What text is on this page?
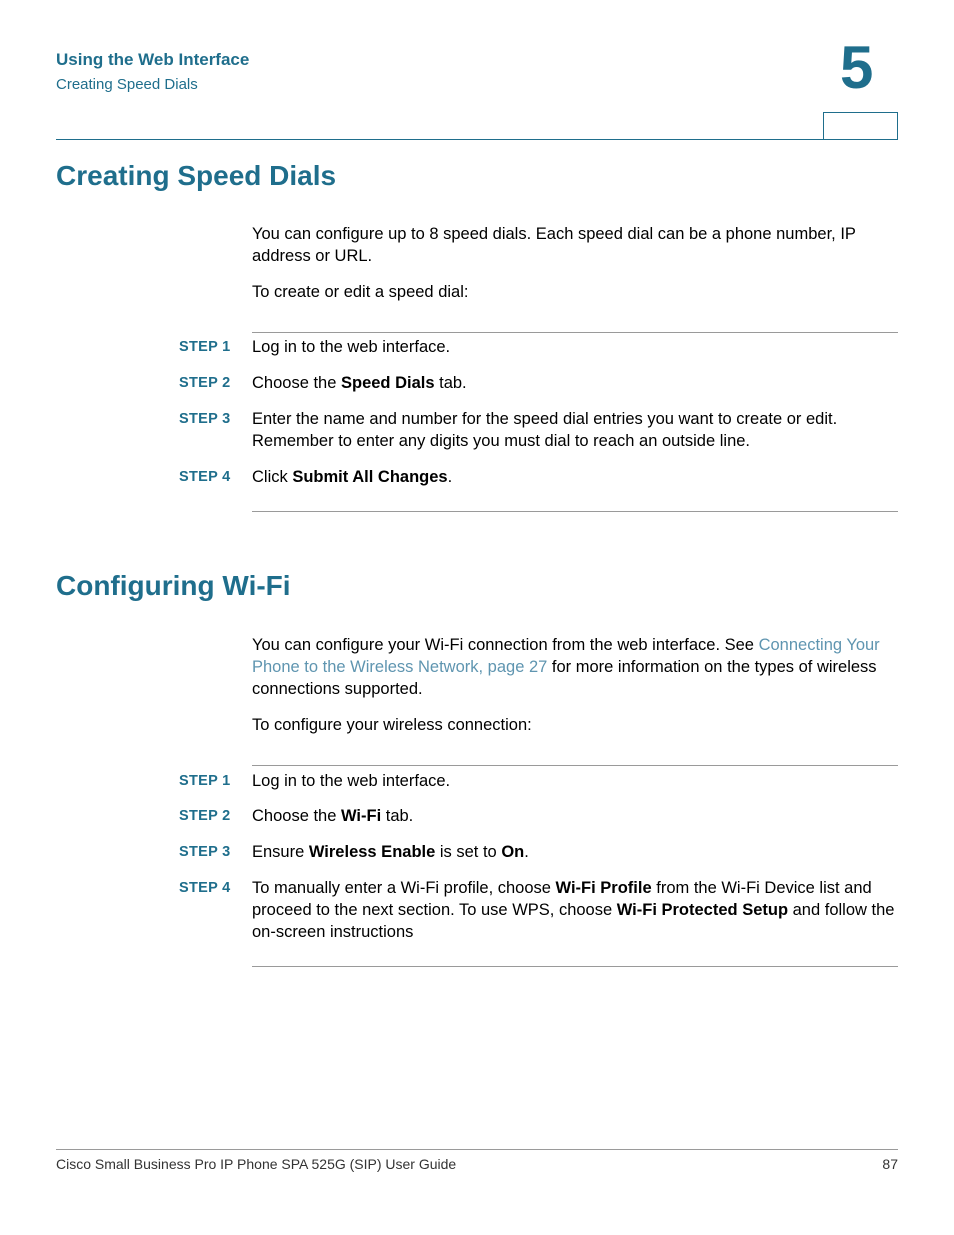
Using the Web Interface
Creating Speed Dials	5
Creating Speed Dials
You can configure up to 8 speed dials. Each speed dial can be a phone number, IP address or URL.
To create or edit a speed dial:
STEP 1 Log in to the web interface.
STEP 2 Choose the Speed Dials tab.
STEP 3 Enter the name and number for the speed dial entries you want to create or edit. Remember to enter any digits you must dial to reach an outside line.
STEP 4 Click Submit All Changes.
Configuring Wi-Fi
You can configure your Wi-Fi connection from the web interface. See Connecting Your Phone to the Wireless Network, page 27 for more information on the types of wireless connections supported.
To configure your wireless connection:
STEP 1 Log in to the web interface.
STEP 2 Choose the Wi-Fi tab.
STEP 3 Ensure Wireless Enable is set to On.
STEP 4 To manually enter a Wi-Fi profile, choose Wi-Fi Profile from the Wi-Fi Device list and proceed to the next section. To use WPS, choose Wi-Fi Protected Setup and follow the on-screen instructions
Cisco Small Business Pro IP Phone SPA 525G (SIP) User Guide	87
